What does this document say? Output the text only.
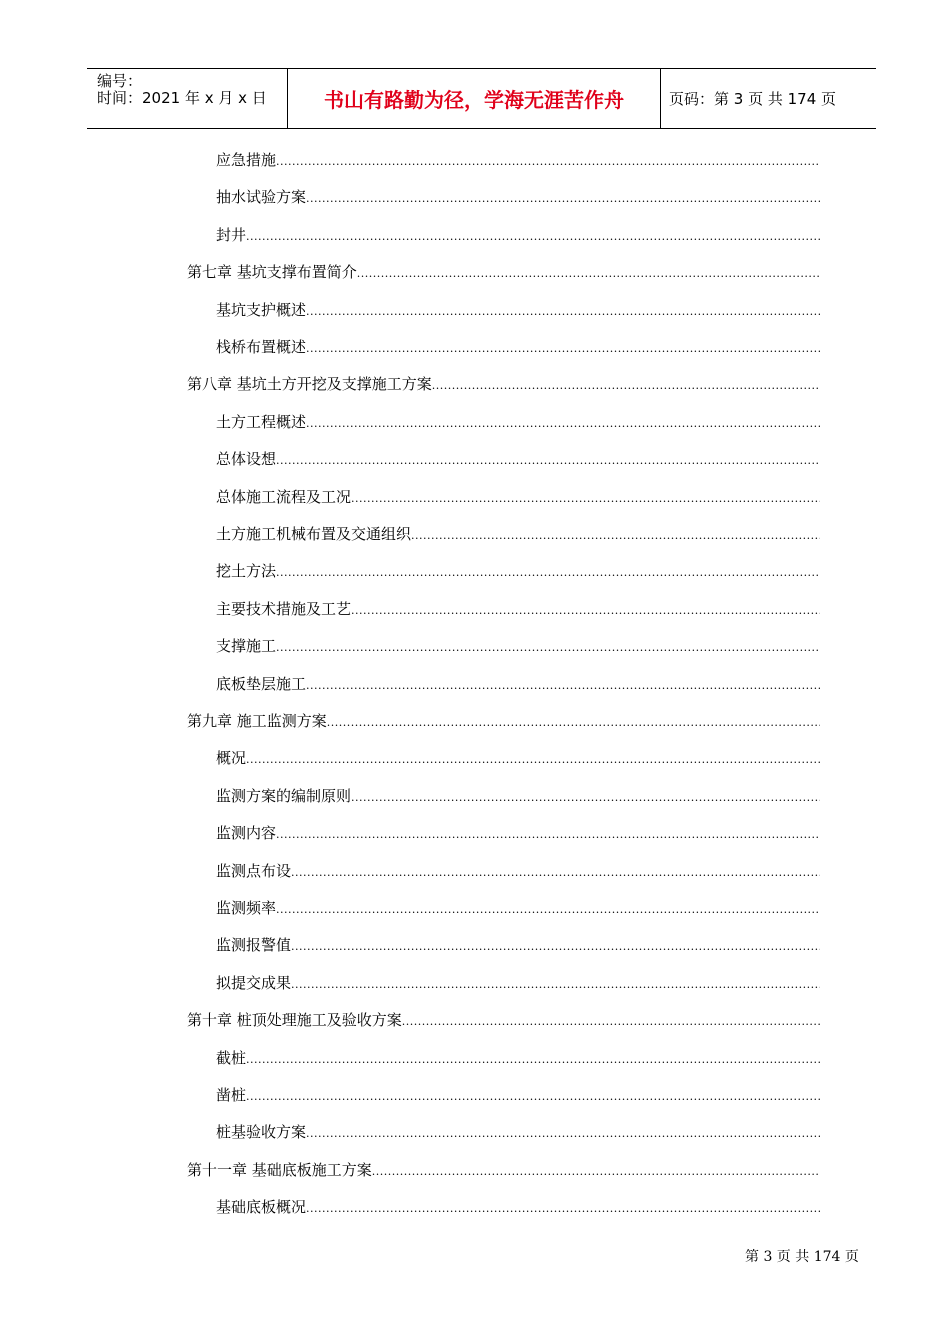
编号：
时间：2021 年 x 月 x 日	书山有路勤为径，学海无涯苦作舟	页码：第 3 页 共 174 页
应急措施
.....
抽水试验方案
.....
封井
.....
第七章 基坑支撑布置简介
.....
基坑支护概述
.....
栈桥布置概述
.....
第八章 基坑土方开挖及支撑施工方案
.....
土方工程概述
.....
总体设想
.....
总体施工流程及工况
.....
土方施工机械布置及交通组织
.....
挖土方法
.....
主要技术措施及工艺
.....
支撑施工
.....
底板垫层施工
.....
第九章 施工监测方案
.....
概况
.....
监测方案的编制原则
.....
监测内容
.....
监测点布设
.....
监测频率
.....
监测报警值
.....
拟提交成果
.....
第十章 桩顶处理施工及验收方案
.....
截桩
.....
凿桩
.....
桩基验收方案
.....
第十一章 基础底板施工方案
.....
基础底板概况
.....
第 3 页 共 174 页
